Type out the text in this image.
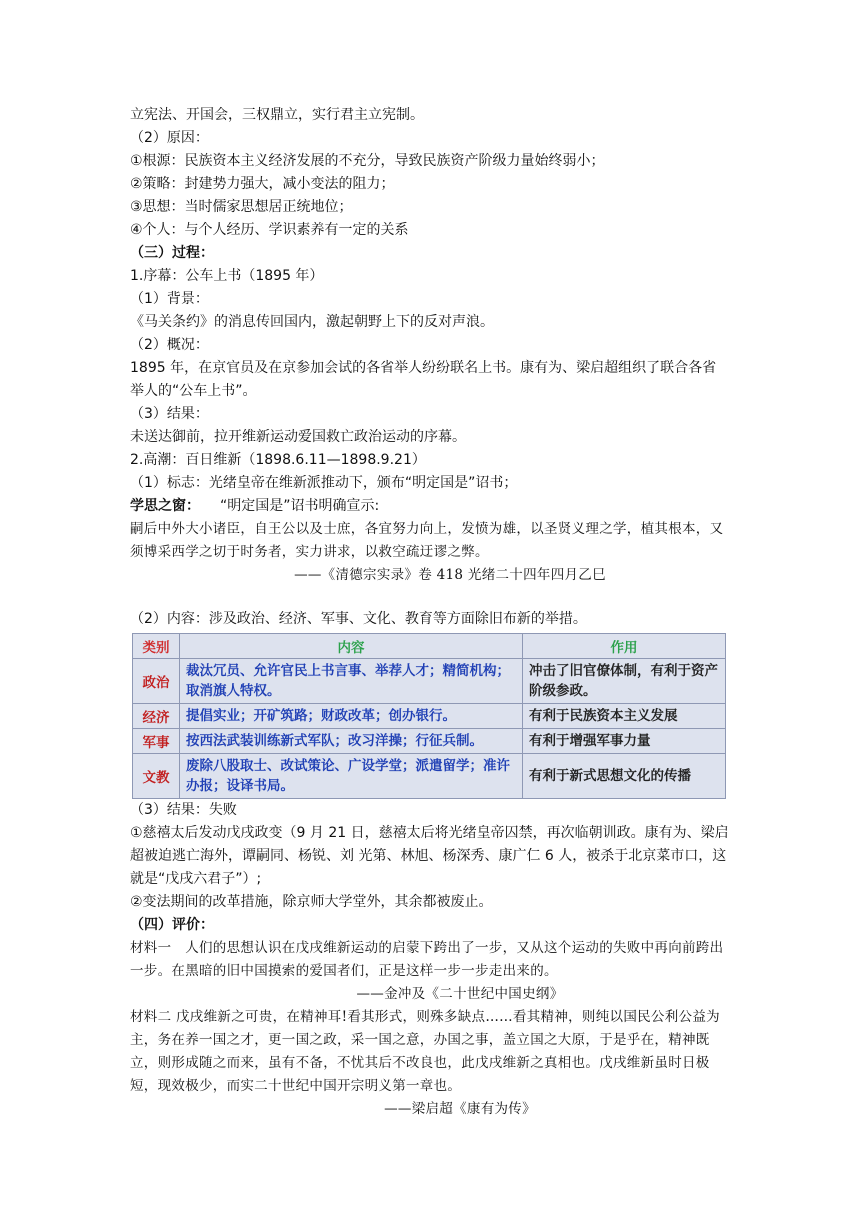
立宪法、开国会，三权鼎立，实行君主立宪制。
（2）原因：
①根源：民族资本主义经济发展的不充分，导致民族资产阶级力量始终弱小；
②策略：封建势力强大，减小变法的阻力；
③思想：当时儒家思想居正统地位；
④个人：与个人经历、学识素养有一定的关系
（三）过程：
1.序幕：公车上书（1895 年）
（1）背景：
《马关条约》的消息传回国内，激起朝野上下的反对声浪。
（2）概况：
1895 年，在京官员及在京参加会试的各省举人纷纷联名上书。康有为、梁启超组织了联合各省举人的“公车上书”。
（3）结果：
未送达御前，拉开维新运动爱国救亡政治运动的序幕。
2.高潮：百日维新（1898.6.11—1898.9.21）
（1）标志：光绪皇帝在维新派推动下，颁布“明定国是”诏书；
学思之窗： “明定国是”诏书明确宣示:
嗣后中外大小诸臣，自王公以及士庶，各宜努力向上，发愤为雄，以圣贤义理之学，植其根本，又须博采西学之切于时务者，实力讲求，以救空疏迂谬之弊。
——《清德宗实录》卷 418 光绪二十四年四月乙巳
（2）内容：涉及政治、经济、军事、文化、教育等方面除旧布新的举措。
类别	内容	作用
政治	裁汰冗员、允许官民上书言事、举荐人才；精简机构；取消旗人特权。	冲击了旧官僚体制，有利于资产阶级参政。
经济	提倡实业；开矿筑路；财政改革；创办银行。	有利于民族资本主义发展
军事	按西法武装训练新式军队；改习洋操；行征兵制。	有利于增强军事力量
文教	废除八股取士、改试策论、广设学堂；派遣留学；准许办报；设译书局。	有利于新式思想文化的传播
（3）结果：失败
①慈禧太后发动戊戌政变（9 月 21 日，慈禧太后将光绪皇帝囚禁，再次临朝训政。康有为、梁启超被迫逃亡海外，谭嗣同、杨锐、刘 光第、林旭、杨深秀、康广仁 6 人，被杀于北京菜市口，这就是“戊戌六君子”）;
②变法期间的改革措施，除京师大学堂外，其余都被废止。
（四）评价：
材料一　人们的思想认识在戊戌维新运动的启蒙下跨出了一步，又从这个运动的失败中再向前跨出一步。在黑暗的旧中国摸索的爱国者们，正是这样一步一步走出来的。
——金冲及《二十世纪中国史纲》
材料二 戊戌维新之可贵，在精神耳!看其形式，则殊多缺点……看其精神，则纯以国民公利公益为主，务在养一国之才，更一国之政，采一国之意，办国之事，盖立国之大原，于是乎在，精神既立，则形成随之而来，虽有不备，不忧其后不改良也，此戊戌维新之真相也。戊戌维新虽时日极短，现效极少，而实二十世纪中国开宗明义第一章也。
——梁启超《康有为传》
